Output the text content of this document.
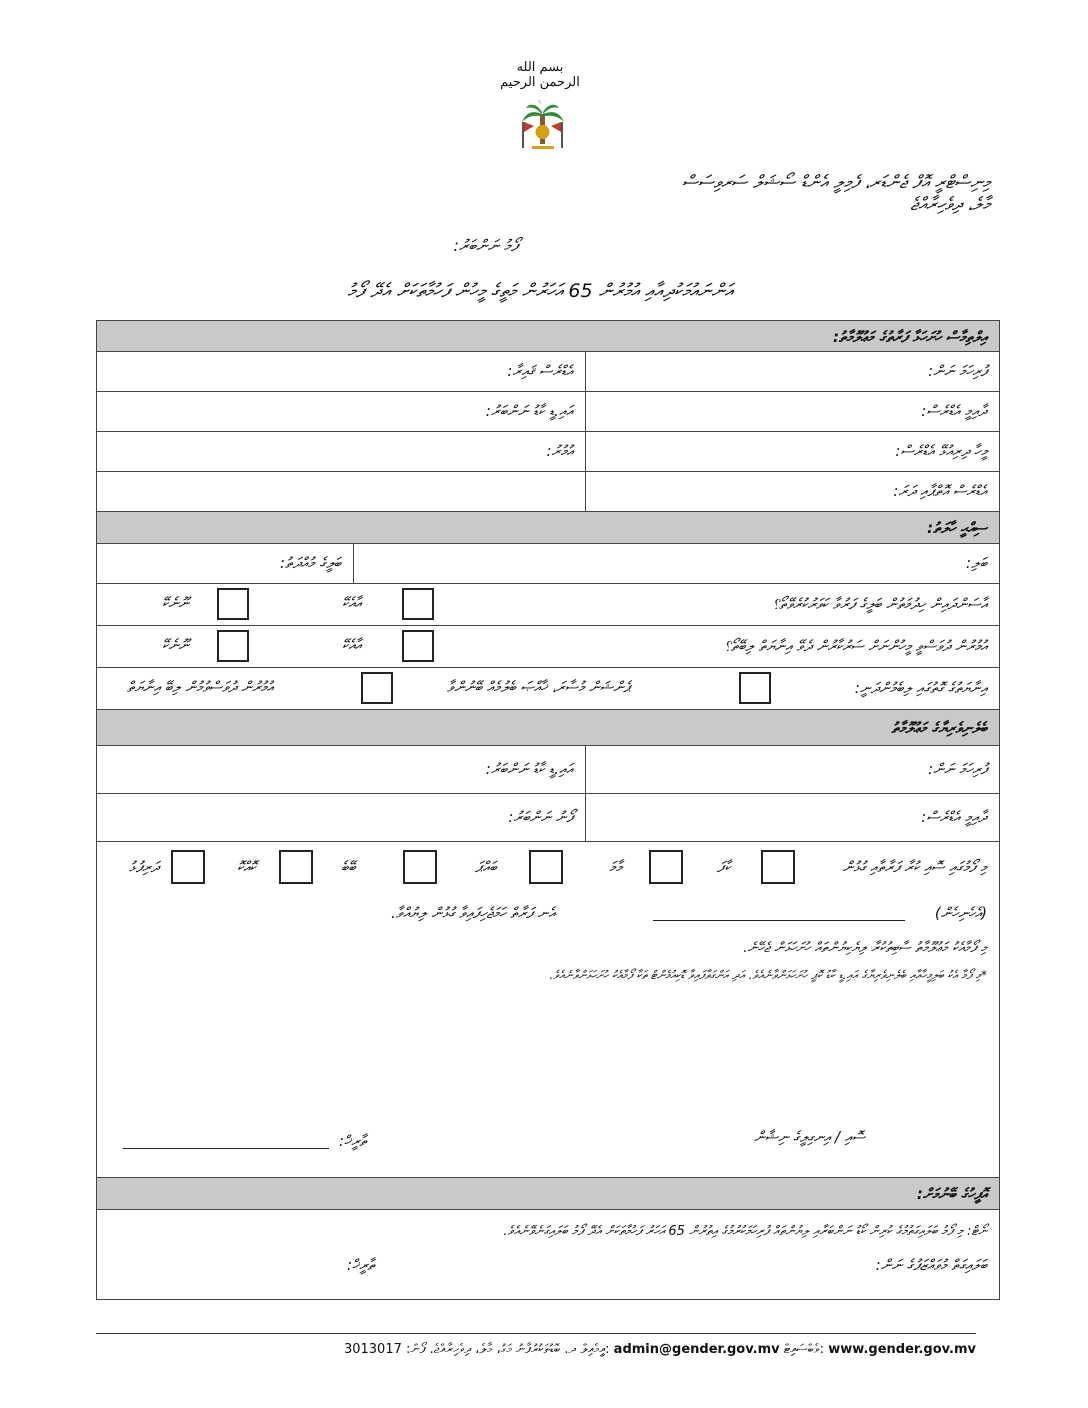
بسم الله الرحمن الرحيم
މިނިސްޓްރީ އޮފް ޖެންޑަރ، ފެމިލީ އެންޑް ސޯޝަލް ސަރވިސަސް
މާލެ، ދިވެހިރާއްޖެ
ފޯމު ނަންބަރު:
އަންނައުމަކުދިއާއި އުމުރުން 65 އަހަރުން މަތީގެ މީހުން ފަހުމާތަކަށް އެދޭ ފޯމު
އިލްތިމާސް ހުށަހަޅާ ފަރާތުގެ މަޢުލޫމާތު:
އެޑްރެސް ޤައިރާ:	ފުރިހަމަ ނަން:
އައި.ޑީ ކާޑު ނަންބަރު:	ދާއިމީ އެޑްރެސް:
އުމުރު:	މީހާ ދިރިއުޅޭ އެޑްރެސް:
އެޑްރެސް އޮތްޕާއި ދަރަ:
ސިއްޙީ ހާލަތު:
ބަލީގެ މުއްދަތު:	ބަލި:
އާސަންދައިން ހިދުމަތުން ބަލީގެ ފަރުވާ ކަވަރުކުރެވޭތޯ؟
އާއެކޭ
ނޫނެކޭ
އުމުރުން ދުވަސްވީ މީހުންނަށް ސަރުކާރުން ދެވޭ އިނާޔަތް ލިބޭތޯ؟
އާއެކޭ
ނޫނެކޭ
އިނާޔަތުގެ ގޮތުގައި ލިބެމުންދަނީ:
ޕެންޝަން މުސާރަ، ޚާއްޞަ ބެލުމެއް ބޭނުންވާ
އުމުރުން ދުވަސްވުމުން ލިބޭ އިނާޔަތް
ބެލެނިވެރިޔާގެ މަޢުލޫމާތު
އައި.ޑީ ކާޑު ނަންބަރު:	ފުރިހަމަ ނަން:
ފޯނު ނަންބަރު:	ދާއިމީ އެޑްރެސް:
މި ފޯމުގައި ސޮއި ކުރާ ފަރާތާއި ގުޅުން
ކާފަ
މާމަ
ބައްޕަ
ބޭބެ
ކޮއްކޮ
ދަރިފުޅު
(އެހެނިހެން)
އެނ ފަރާތް ހަމަޖެހިފައިވާ ގުޅުން ލިޔުއްވާ.
މި ފޯމާއެކު މަޢުލޫމާތު ސާބިތުކުރާ ލިޔެކިޔުންތައް ހުށަހަޅަން ޖެހޭނެ.
*މި ފޯމާ އެކު ބަލިމީހާއާއި ބެލެނިވެރިޔާގެ އައި.ޑީ ކާޑު ކޮޕީ ހުށަހަޅަންވާނެއެވެ. އަދި އަންގަވާފައިވާ ޑޮކިއުމެންޓް ތަކާ ފޯމާއެކު ހުށަހަޅަންވާނެއެވެ.
ސޮއި / އިނގިލީގެ ނިޝާން
ތާރީޚް:
އޮފީހުގެ ބޭނުމަށް:
ނޯޓް: މި ފޯމު ބަލައިގަތުމުގެ ކުރިން ކޯޑު ނަންބަރާއި ލިޔުންތައް ފުރިހަމަކުރުމުގެ އިތުރުން 65 އަހަރު ފަހުމާތަކަށް އެދޭ ފޯމު ބަލައިގަނެވޭނެއެވެ.
ބަލައިގަތް މުވައްޒަފުގެ ނަން:
ތާރީޚް:
ދ. ބޮޑުތަކުރުފާނު މަގު، މާލެ، ދިވެހިރާއްޖެ. ފޯން: 3013017 އީމެއިލް: admin@gender.gov.mv ވެބްސައިޓް: www.gender.gov.mv
